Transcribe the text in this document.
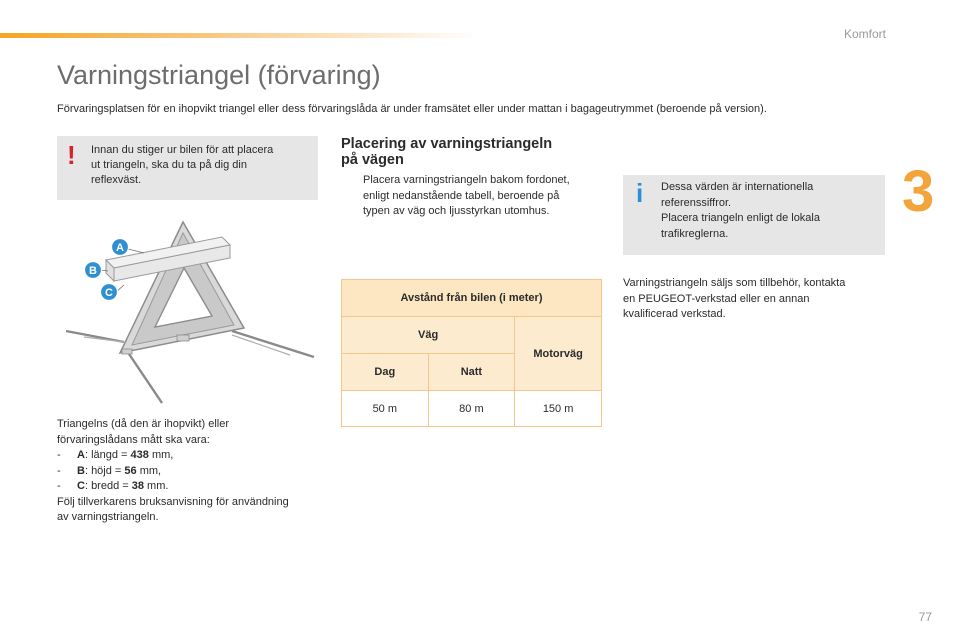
Komfort
3
77
Varningstriangel (förvaring)

Förvaringsplatsen för en ihopvikt triangel eller dess förvaringslåda är under framsätet eller under mattan i bagageutrymmet (beroende på version).

! Innan du stiger ur bilen för att placera
ut triangeln, ska du ta på dig din
reflexväst.
A
B
C
Triangelns (då den är ihopvikt) eller
förvaringslådans mått ska vara:
- A: längd = 438 mm,
- B: höjd = 56 mm,
- C: bredd = 38 mm.
Följ tillverkarens bruksanvisning för användning
av varningstriangeln.
Placering av varningstriangeln
på vägen
Placera varningstriangeln bakom fordonet,
enligt nedanstående tabell, beroende på
typen av väg och ljusstyrkan utomhus.
Avstånd från bilen (i meter)		
Väg		Motorväg
Dag	Natt	
50 m	80 m	150 m
i Dessa värden är internationella
referenssiffror.
Placera triangeln enligt de lokala
trafikreglerna.
Varningstriangeln säljs som tillbehör, kontakta
en PEUGEOT-verkstad eller en annan
kvalificerad verkstad.
